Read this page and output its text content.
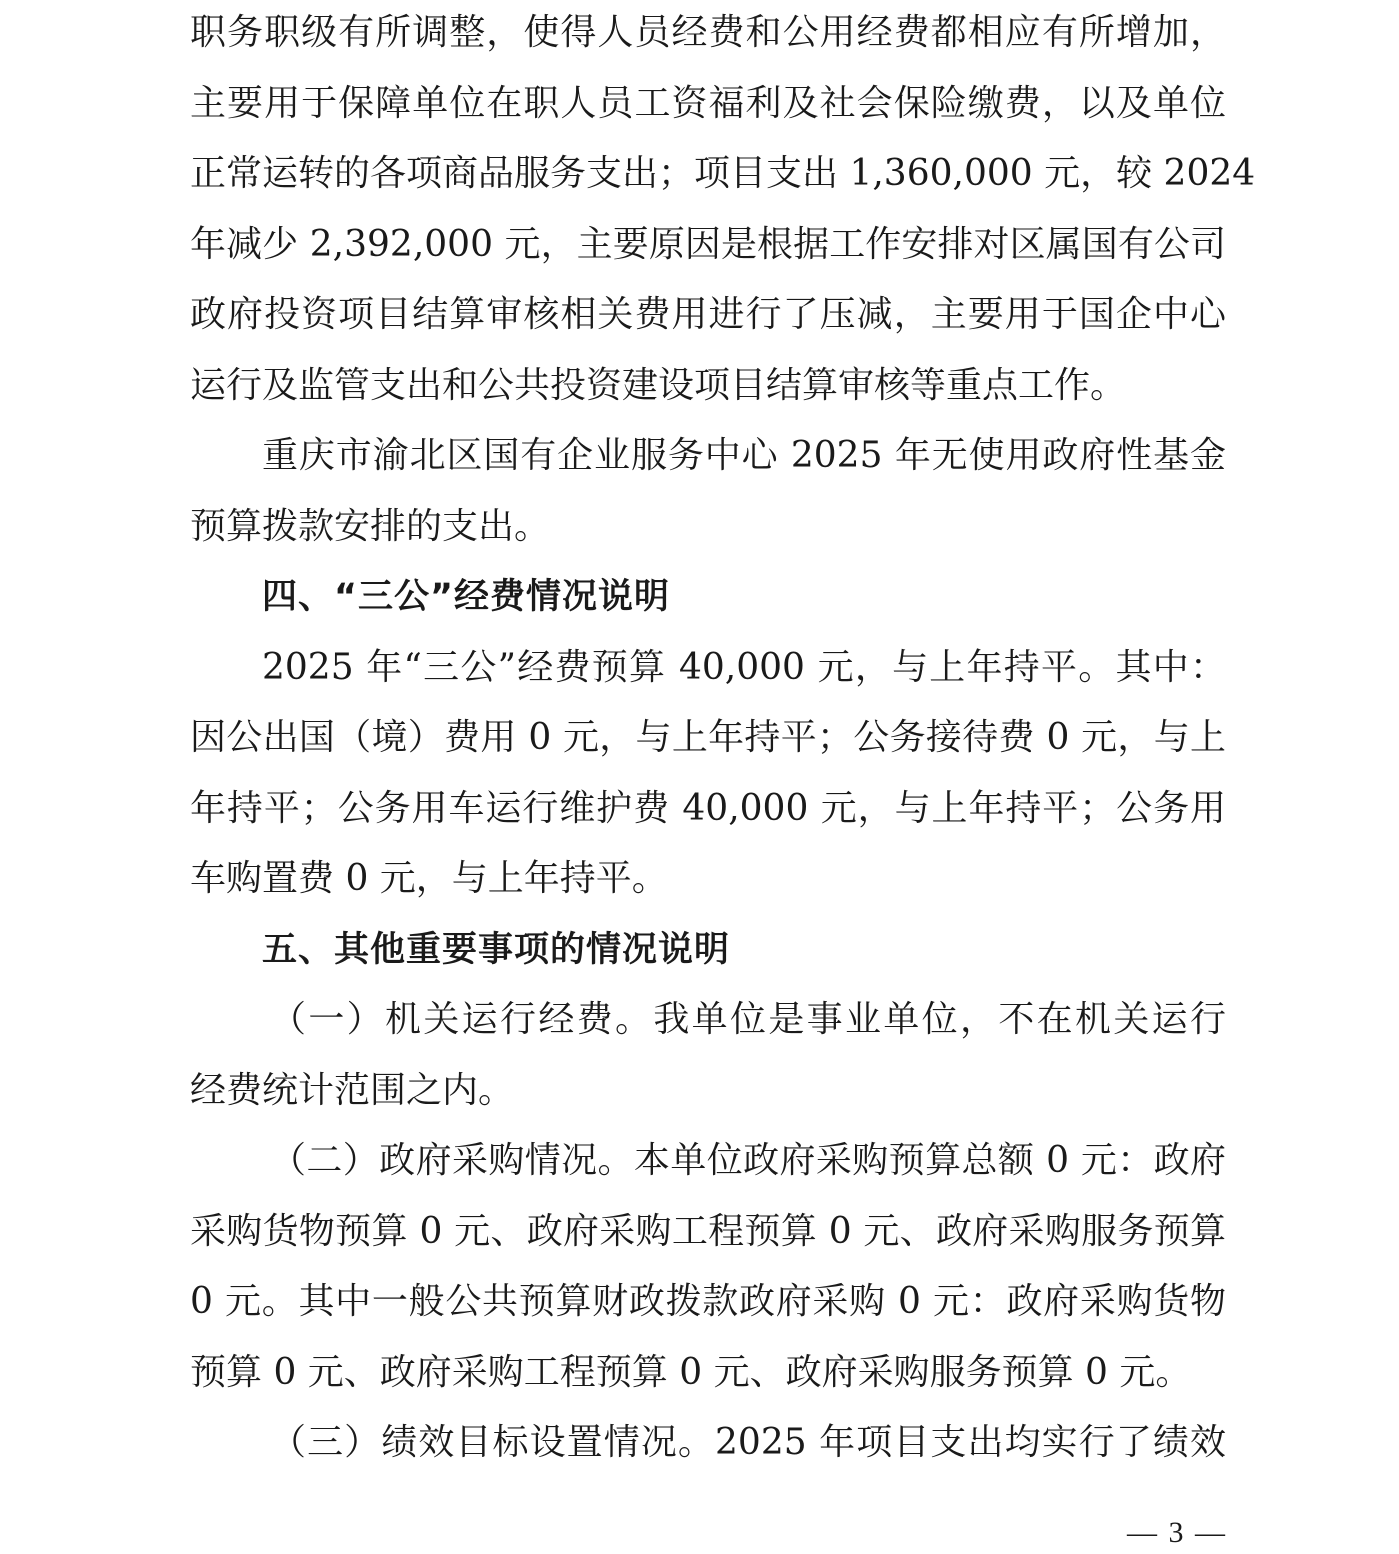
职务职级有所调整，使得人员经费和公用经费都相应有所增加，
主要用于保障单位在职人员工资福利及社会保险缴费，以及单位
正常运转的各项商品服务支出；项目支出 1,360,000 元，较 2024
年减少 2,392,000 元，主要原因是根据工作安排对区属国有公司
政府投资项目结算审核相关费用进行了压减，主要用于国企中心
运行及监管支出和公共投资建设项目结算审核等重点工作。
重庆市渝北区国有企业服务中心 2025 年无使用政府性基金
预算拨款安排的支出。
四、“三公”经费情况说明
2025 年“三公”经费预算 40,000 元，与上年持平。其中：
因公出国（境）费用 0 元，与上年持平；公务接待费 0 元，与上
年持平；公务用车运行维护费 40,000 元，与上年持平；公务用
车购置费 0 元，与上年持平。
五、其他重要事项的情况说明
（一）机关运行经费。我单位是事业单位，不在机关运行
经费统计范围之内。
（二）政府采购情况。本单位政府采购预算总额 0 元：政府
采购货物预算 0 元、政府采购工程预算 0 元、政府采购服务预算
0 元。其中一般公共预算财政拨款政府采购 0 元：政府采购货物
预算 0 元、政府采购工程预算 0 元、政府采购服务预算 0 元。
（三）绩效目标设置情况。2025 年项目支出均实行了绩效
— 3 —
